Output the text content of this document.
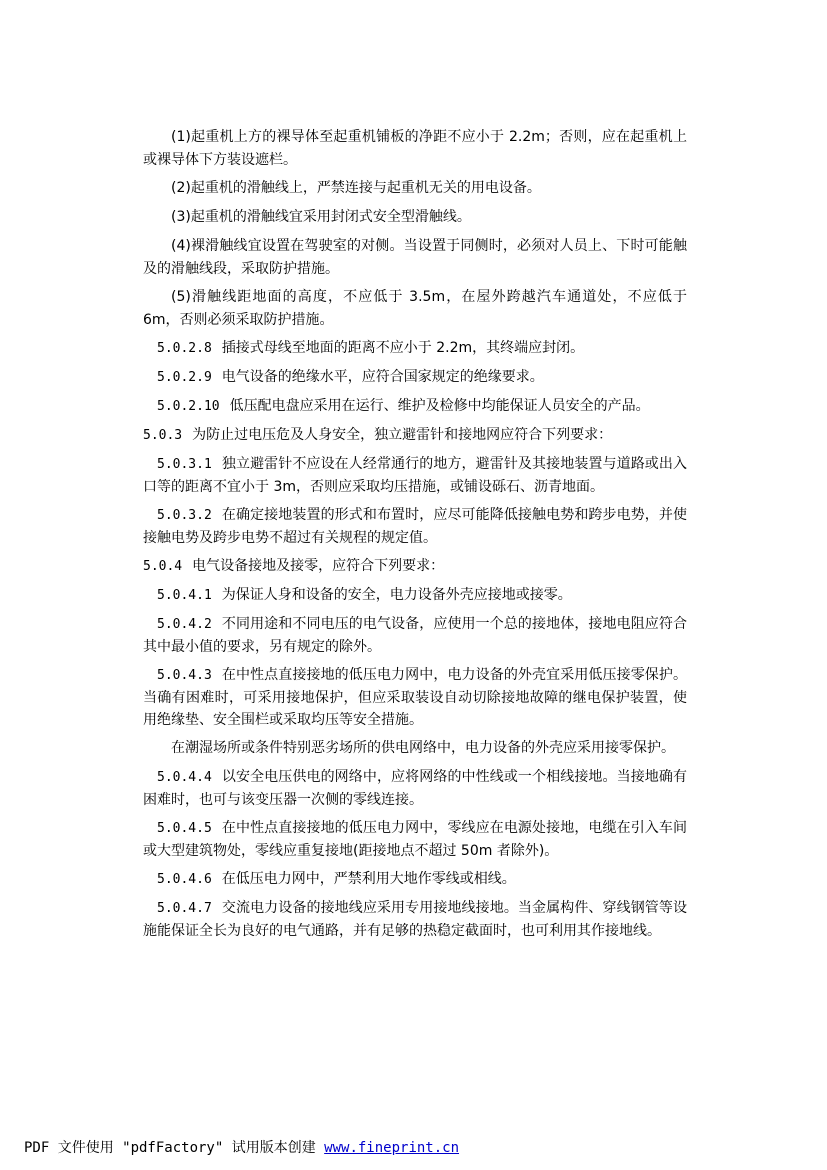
(1)起重机上方的裸导体至起重机铺板的净距不应小于 2.2m；否则，应在起重机上或裸导体下方装设遮栏。

(2)起重机的滑触线上，严禁连接与起重机无关的用电设备。

(3)起重机的滑触线宜采用封闭式安全型滑触线。

(4)裸滑触线宜设置在驾驶室的对侧。当设置于同侧时，必须对人员上、下时可能触及的滑触线段，采取防护措施。

(5)滑触线距地面的高度，不应低于 3.5m，在屋外跨越汽车通道处，不应低于 6m，否则必须采取防护措施。

5.0.2.8 插接式母线至地面的距离不应小于 2.2m，其终端应封闭。

5.0.2.9 电气设备的绝缘水平，应符合国家规定的绝缘要求。

5.0.2.10 低压配电盘应采用在运行、维护及检修中均能保证人员安全的产品。

5.0.3 为防止过电压危及人身安全，独立避雷针和接地网应符合下列要求：

5.0.3.1 独立避雷针不应设在人经常通行的地方，避雷针及其接地装置与道路或出入口等的距离不宜小于 3m，否则应采取均压措施，或铺设砾石、沥青地面。

5.0.3.2 在确定接地装置的形式和布置时，应尽可能降低接触电势和跨步电势，并使接触电势及跨步电势不超过有关规程的规定值。

5.0.4 电气设备接地及接零，应符合下列要求：

5.0.4.1 为保证人身和设备的安全，电力设备外壳应接地或接零。

5.0.4.2 不同用途和不同电压的电气设备，应使用一个总的接地体，接地电阻应符合其中最小值的要求，另有规定的除外。

5.0.4.3 在中性点直接接地的低压电力网中，电力设备的外壳宜采用低压接零保护。当确有困难时，可采用接地保护，但应采取装设自动切除接地故障的继电保护装置，使用绝缘垫、安全围栏或采取均压等安全措施。

在潮湿场所或条件特别恶劣场所的供电网络中，电力设备的外壳应采用接零保护。

5.0.4.4 以安全电压供电的网络中，应将网络的中性线或一个相线接地。当接地确有困难时，也可与该变压器一次侧的零线连接。

5.0.4.5 在中性点直接接地的低压电力网中，零线应在电源处接地，电缆在引入车间或大型建筑物处，零线应重复接地(距接地点不超过 50m 者除外)。

5.0.4.6 在低压电力网中，严禁利用大地作零线或相线。

5.0.4.7 交流电力设备的接地线应采用专用接地线接地。当金属构件、穿线钢管等设施能保证全长为良好的电气通路，并有足够的热稳定截面时，也可利用其作接地线。

PDF 文件使用 "pdfFactory" 试用版本创建 www.fineprint.cn
